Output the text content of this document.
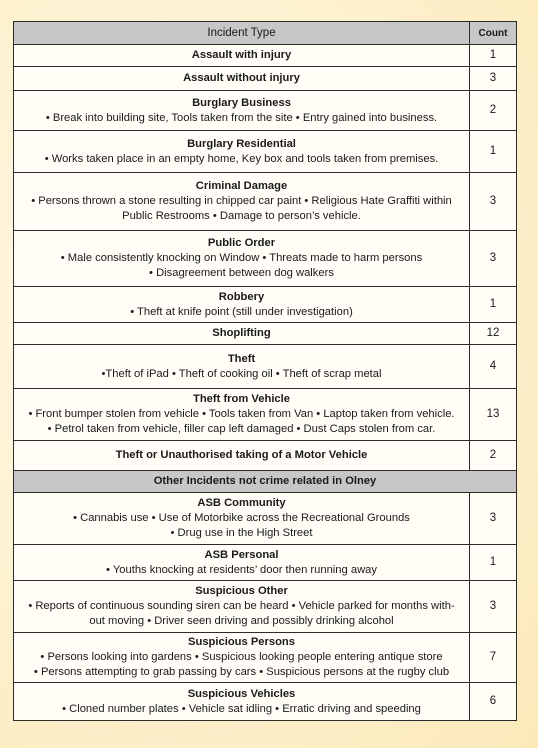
Incident Type	Count

Assault with injury	1

Assault without injury	3

Burglary Business
• Break into building site, Tools taken from the site • Entry gained into business.	2

Burglary Residential
• Works taken place in an empty home, Key box and tools taken from premises.	1

Criminal Damage
• Persons thrown a stone resulting in chipped car paint • Religious Hate Graffiti within
Public Restrooms • Damage to person’s vehicle.	3

Public Order
• Male consistently knocking on Window • Threats made to harm persons
• Disagreement between dog walkers	3

Robbery
• Theft at knife point (still under investigation)	1

Shoplifting	12

Theft
•Theft of iPad • Theft of cooking oil • Theft of scrap metal	4

Theft from Vehicle
• Front bumper stolen from vehicle • Tools taken from Van • Laptop taken from vehicle.
• Petrol taken from vehicle, filler cap left damaged • Dust Caps stolen from car.	13

Theft or Unauthorised taking of a Motor Vehicle	2
Other Incidents not crime related in Olney	

ASB Community
• Cannabis use • Use of Motorbike across the Recreational Grounds
• Drug use in the High Street	3

ASB Personal
• Youths knocking at residents’ door then running away	1

Suspicious Other
• Reports of continuous sounding siren can be heard • Vehicle parked for months with-
out moving • Driver seen driving and possibly drinking alcohol	3

Suspicious Persons
• Persons looking into gardens • Suspicious looking people entering antique store
• Persons attempting to grab passing by cars • Suspicious persons at the rugby club	7

Suspicious Vehicles
• Cloned number plates • Vehicle sat idling • Erratic driving and speeding	6
